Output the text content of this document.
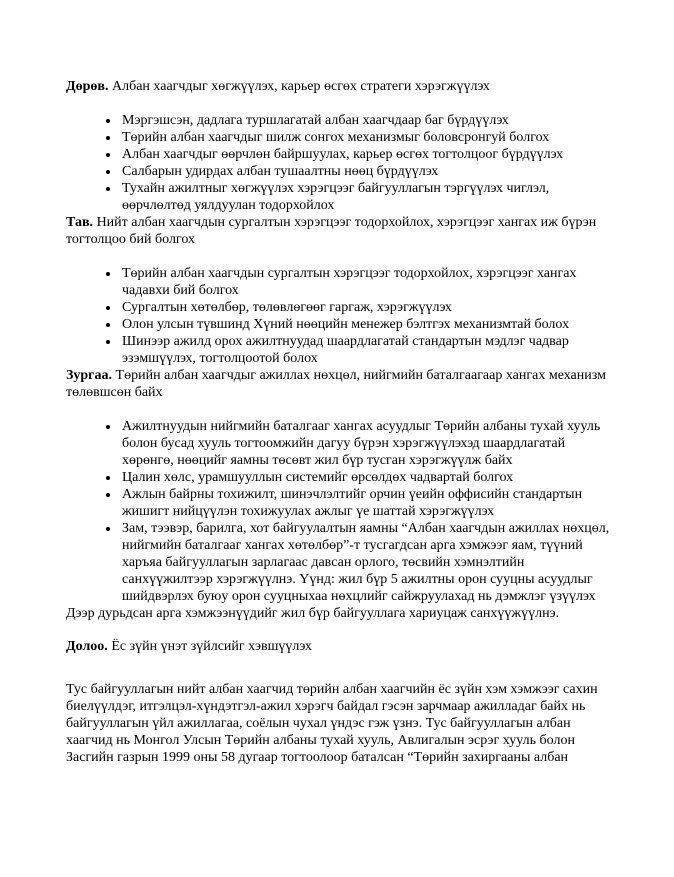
Дөрөв. Албан хаагчдыг хөгжүүлэх, карьер өсгөх стратеги хэрэгжүүлэх

• Мэргэшсэн, дадлага туршлагатай албан хаагчдаар баг бүрдүүлэх
• Төрийн албан хаагчдыг шилж сонгох механизмыг боловсронгуй болгох
• Албан хаагчдыг өөрчлөн байршуулах, карьер өсгөх тогтолцоог бүрдүүлэх
• Салбарын удирдах албан тушаалтны нөөц бүрдүүлэх
• Тухайн ажилтныг хөгжүүлэх хэрэгцээг байгууллагын тэргүүлэх чиглэл, өөрчлөлтөд уялдуулан тодорхойлох

Тав. Нийт албан хаагчдын сургалтын хэрэгцээг тодорхойлох, хэрэгцээг хангах иж бүрэн тогтолцоо бий болгох

• Төрийн албан хаагчдын сургалтын хэрэгцээг тодорхойлох, хэрэгцээг хангах чадавхи бий болгох
• Сургалтын хөтөлбөр, төлөвлөгөөг гаргаж, хэрэгжүүлэх
• Олон улсын түвшинд Хүний нөөцийн менежер бэлтгэх механизмтай болох
• Шинээр ажилд орох ажилтнуудад шаардлагатай стандартын мэдлэг чадвар эзэмшүүлэх, тогтолцоотой болох

Зургаа. Төрийн албан хаагчдыг ажиллах нөхцөл, нийгмийн баталгаагаар хангах механизм төлөвшсөн байх

• Ажилтнуудын нийгмийн баталгааг хангах асуудлыг Төрийн албаны тухай хууль болон бусад хууль тогтоомжийн дагуу бүрэн хэрэгжүүлэхэд шаардлагатай хөрөнгө, нөөцийг яамны төсөвт жил бүр тусган хэрэгжүүлж байх
• Цалин хөлс, урамшууллын системийг өрсөлдөх чадвартай болгох
• Ажлын байрны тохижилт, шинэчлэлтийг орчин үеийн оффисийн стандартын жишигт нийцүүлэн тохижуулах ажлыг үе шаттай хэрэгжүүлэх
• Зам, тээвэр, барилга, хот байгуулалтын яамны “Албан хаагчдын ажиллах нөхцөл, нийгмийн баталгааг хангах хөтөлбөр”-т тусгагдсан арга хэмжээг яам, түүний харъяа байгууллагын зарлагаас давсан орлого, төсвийн хэмнэлтийн санхүүжилтээр хэрэгжүүлнэ. Үүнд: жил бүр 5 ажилтны орон сууцны асуудлыг шийдвэрлэх буюу орон сууцныхаа нөхцлийг сайжруулахад нь дэмжлэг үзүүлэх

Дээр дурьдсан арга хэмжээнүүдийг жил бүр байгууллага хариуцаж санхүүжүүлнэ.

Долоо. Ёс зүйн үнэт зүйлсийг хэвшүүлэх

Тус байгууллагын нийт албан хаагчид төрийн албан хаагчийн ёс зүйн хэм хэмжээг сахин биелүүлдэг, итгэлцэл-хүндэтгэл-ажил хэрэгч байдал гэсэн зарчмаар ажилладаг байх нь байгууллагын үйл ажиллагаа, соёлын чухал үндэс гэж үзнэ. Тус байгууллагын албан хаагчид нь Монгол Улсын Төрийн албаны тухай хууль, Авлигалын эсрэг хууль болон Засгийн газрын 1999 оны 58 дугаар тогтоолоор баталсан “Төрийн захиргааны албан
